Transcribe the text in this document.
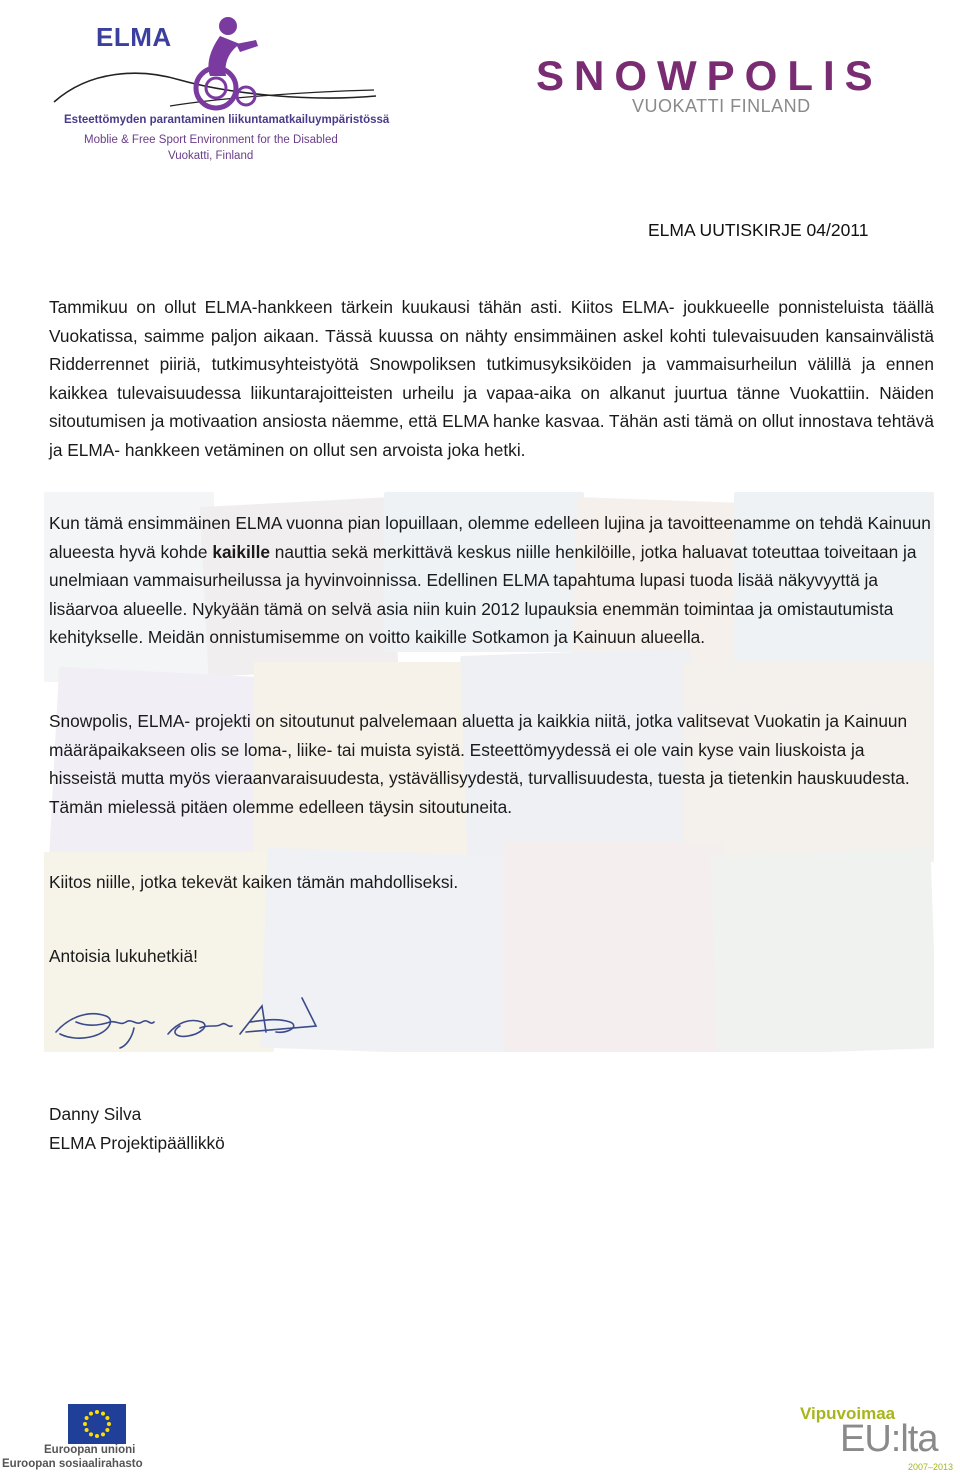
ELMA
Esteettömyden parantaminen liikuntamatkailuympäristössä
Moblie & Free Sport Environment for the Disabled
Vuokatti, Finland
SNOWPOLIS
VUOKATTI FINLAND
ELMA UUTISKIRJE 04/2011

Tammikuu on ollut ELMA-hankkeen tärkein kuukausi tähän asti. Kiitos ELMA- joukkueelle ponnisteluista täällä Vuokatissa, saimme paljon aikaan. Tässä kuussa on nähty ensimmäinen askel kohti tulevaisuuden kansainvälistä Ridderrennet piiriä, tutkimusyhteistyötä Snowpoliksen tutkimusyksiköiden ja vammaisurheilun välillä ja ennen kaikkea tulevaisuudessa liikuntarajoitteisten urheilu ja vapaa-aika on alkanut juurtua tänne Vuokattiin. Näiden sitoutumisen ja motivaation ansiosta näemme, että ELMA hanke kasvaa. Tähän asti tämä on ollut innostava tehtävä ja ELMA- hankkeen vetäminen on ollut sen arvoista joka hetki.

Kun tämä ensimmäinen ELMA vuonna pian lopuillaan, olemme edelleen lujina ja tavoitteenamme on tehdä Kainuun alueesta hyvä kohde kaikille nauttia sekä merkittävä keskus niille henkilöille, jotka haluavat toteuttaa toiveitaan ja unelmiaan vammaisurheilussa ja hyvinvoinnissa. Edellinen ELMA tapahtuma lupasi tuoda lisää näkyvyyttä ja lisäarvoa alueelle. Nykyään tämä on selvä asia niin kuin 2012 lupauksia enemmän toimintaa ja omistautumista kehitykselle. Meidän onnistumisemme on voitto kaikille Sotkamon ja Kainuun alueella.

Snowpolis, ELMA- projekti on sitoutunut palvelemaan aluetta ja kaikkia niitä, jotka valitsevat Vuokatin ja Kainuun määräpaikakseen olis se loma-, liike- tai muista syistä. Esteettömyydessä ei ole vain kyse vain liuskoista ja hisseistä mutta myös vieraanvaraisuudesta, ystävällisyydestä, turvallisuudesta, tuesta ja tietenkin hauskuudesta. Tämän mielessä pitäen olemme edelleen täysin sitoutuneita.

Kiitos niille, jotka tekevät kaiken tämän mahdolliseksi.

Antoisia lukuhetkiä!

Danny Silva

ELMA Projektipäällikkö

Euroopan unioni
Euroopan sosiaalirahasto
Vipuvoimaa
EU:lta
2007–2013
